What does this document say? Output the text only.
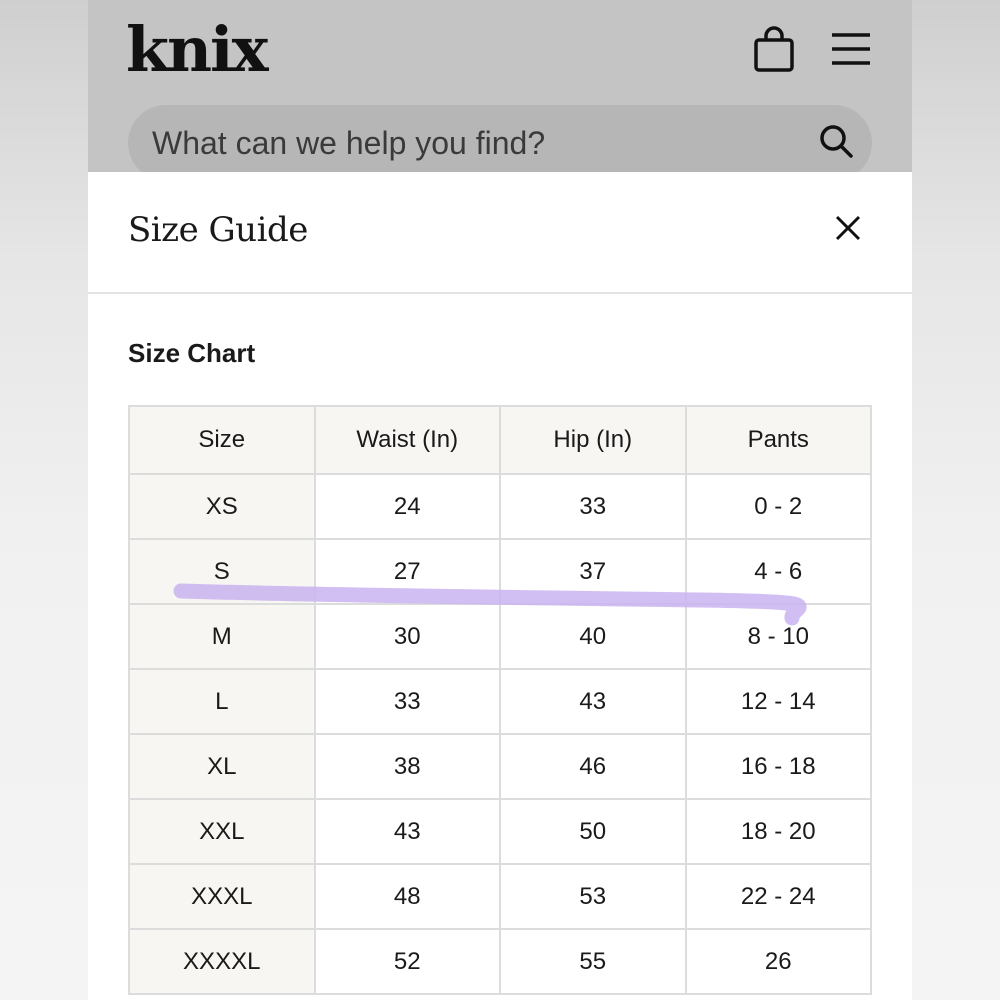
knix
What can we help you find?
Size Guide
Size Chart
Size	Waist (In)	Hip (In)	Pants
XS	24	33	0 - 2
S	27	37	4 - 6
M	30	40	8 - 10
L	33	43	12 - 14
XL	38	46	16 - 18
XXL	43	50	18 - 20
XXXL	48	53	22 - 24
XXXXL	52	55	26
